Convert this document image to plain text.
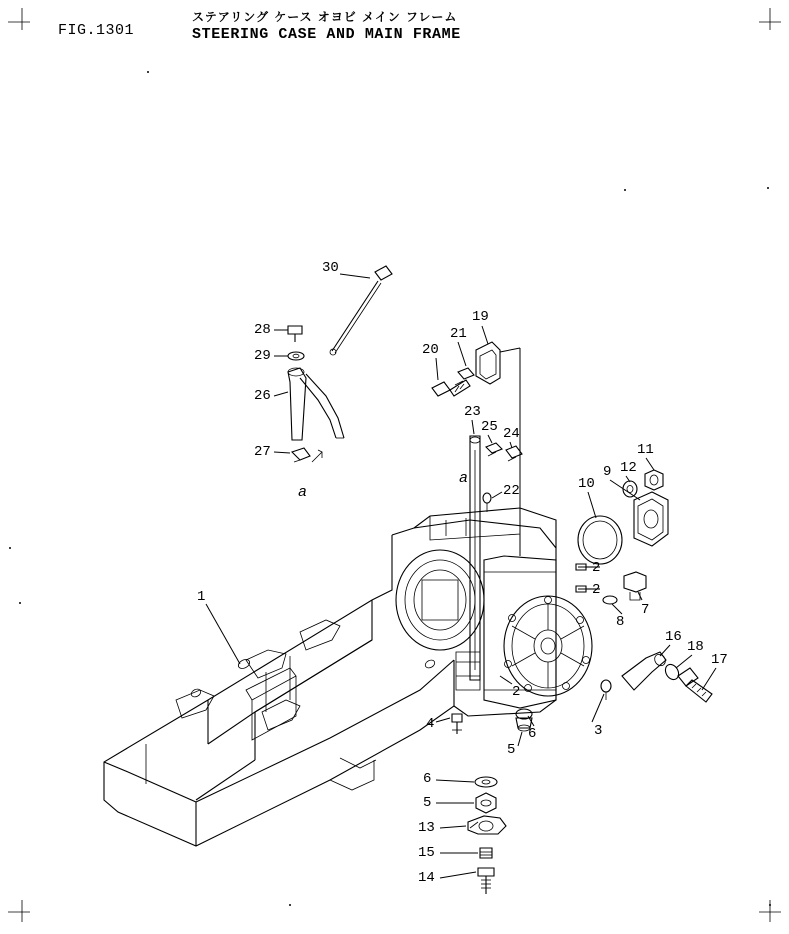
FIG.1301
ステアリング ケース オヨビ メイン フレーム
STEERING CASE AND MAIN FRAME
30
28
29
26
27
a
19
21
20
23
25 24
22
a
11
9 12
10
2
2
8
7
16
18
17
1
2
4
5
6	3
6
5
13
15
14
